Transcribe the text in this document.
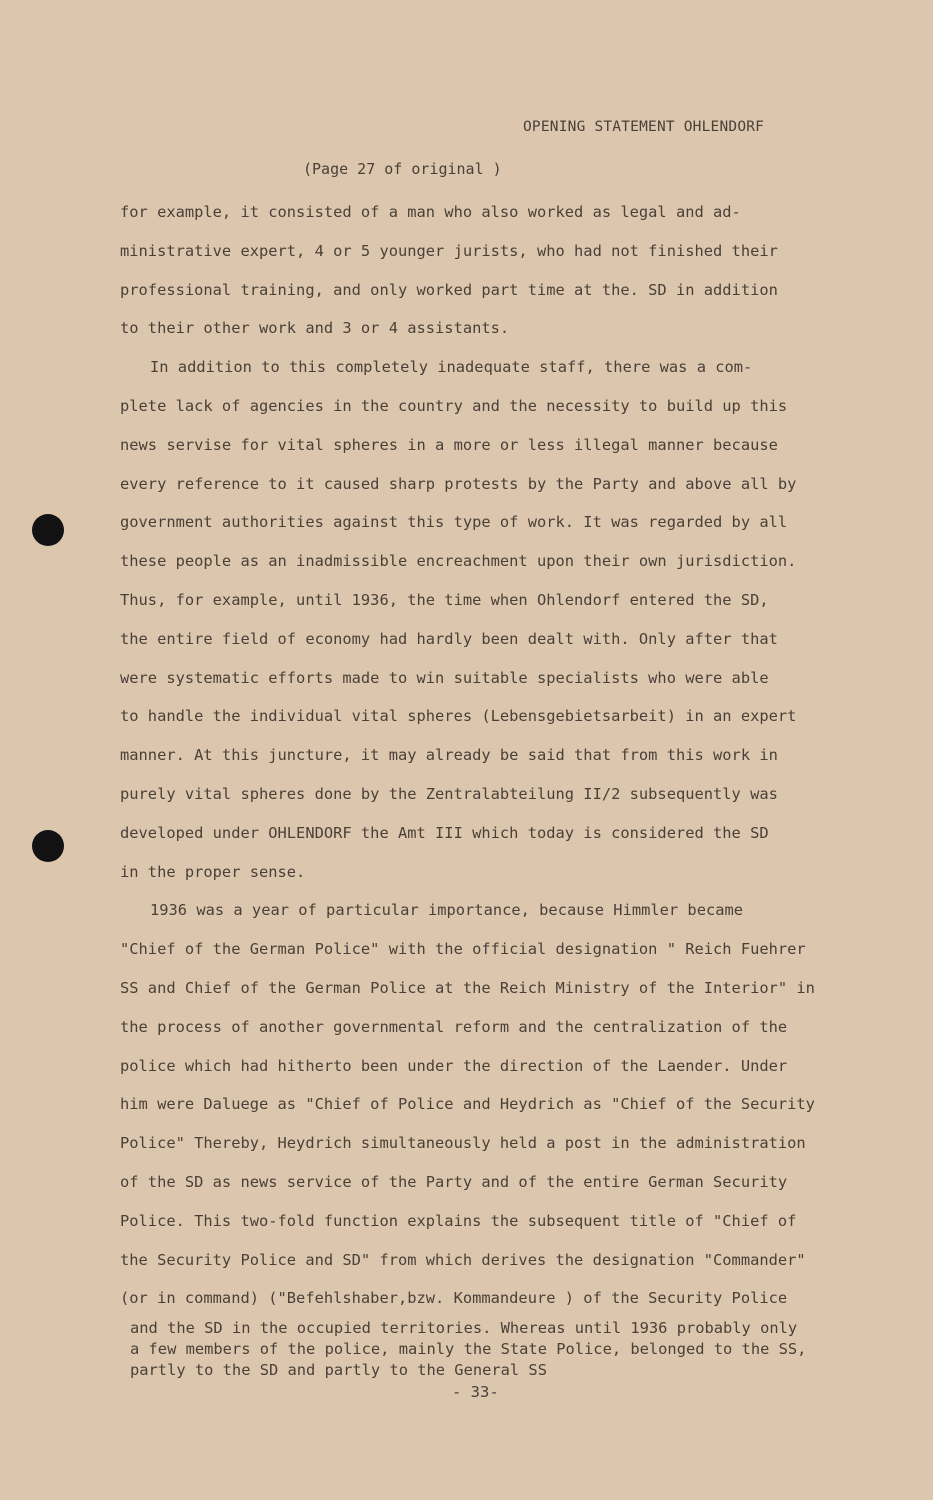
OPENING STATEMENT OHLENDORF
(Page 27 of original )
for example, it consisted of a man who also worked as legal and ad-
ministrative expert, 4 or 5 younger jurists, who had not finished their
professional training, and only worked part time at the. SD in addition
to their other work and 3 or 4 assistants.
In addition to this completely inadequate staff, there was a com-
plete lack of agencies in the country and the necessity to build up this
news servise for vital spheres in a more or less illegal manner because
every reference to it caused sharp protests by the Party and above all by
government authorities against this type of work. It was regarded by all
these people as an inadmissible encreachment upon their own jurisdiction.
Thus, for example, until 1936, the time when Ohlendorf entered the SD,
the entire field of economy had hardly been dealt with. Only after that
were systematic efforts made to win suitable specialists who were able
to handle the individual vital spheres (Lebensgebietsarbeit) in an expert
manner. At this juncture, it may already be said that from this work in
purely vital spheres done by the Zentralabteilung II/2 subsequently was
developed under OHLENDORF the Amt III which today is considered the SD
in the proper sense.
1936 was a year of particular importance, because Himmler became
"Chief of the German Police" with the official designation " Reich Fuehrer
SS and Chief of the German Police at the Reich Ministry of the Interior" in
the process of another governmental reform and the centralization of the
police which had hitherto been under the direction of the Laender. Under
him were Daluege as "Chief of Police and Heydrich as "Chief of the Security
Police" Thereby, Heydrich simultaneously held a post in the administration
of the SD as news service of the Party and of the entire German Security
Police. This two-fold function explains the subsequent title of "Chief of
the Security Police and SD" from which derives the designation "Commander"
(or in command) ("Befehlshaber,bzw. Kommandeure ) of the Security Police
and the SD in the occupied territories. Whereas until 1936 probably only
a few members of the police, mainly the State Police, belonged to the SS,
partly to the SD and partly to the General SS
- 33-
